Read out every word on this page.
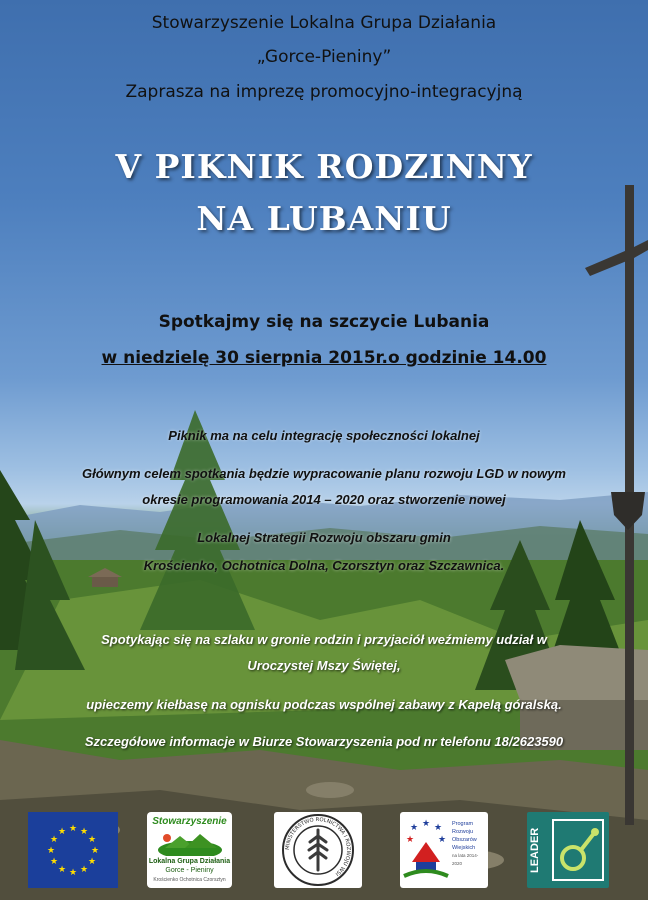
Stowarzyszenie Lokalna Grupa Działania
„Gorce-Pieniny”
Zaprasza na imprezę promocyjno-integracyjną
V PIKNIK RODZINNY
NA LUBANIU
Spotkajmy się na szczycie Lubania
w niedzielę 30 sierpnia 2015r.o godzinie 14.00
Piknik ma na celu integrację społeczności lokalnej
Głównym celem spotkania będzie wypracowanie planu rozwoju LGD w nowym
okresie programowania 2014 – 2020 oraz stworzenie nowej
Lokalnej Strategii Rozwoju obszaru gmin
Krościenko, Ochotnica Dolna, Czorsztyn oraz Szczawnica.
Spotykając się na szlaku w gronie rodzin i przyjaciół weźmiemy udział w
Uroczystej Mszy Świętej,
upieczemy kiełbasę na ognisku podczas wspólnej zabawy z Kapelą góralską.
Szczegółowe informacje w Biurze Stowarzyszenia pod nr telefonu 18/2623590
★ ★
★
★
★
★
★
★
★
★
★
★
Stowarzyszenie
Lokalna Grupa Działania
Gorce - Pieniny
Krościenko Ochotnica Czorsztyn
MINISTERSTWO ROLNICTWA I ROZWOJU WSI
★ ★ ★
★	★
Program
Rozwoju
Obszarów
Wiejskich
na lata 2014-2020	LEADER
